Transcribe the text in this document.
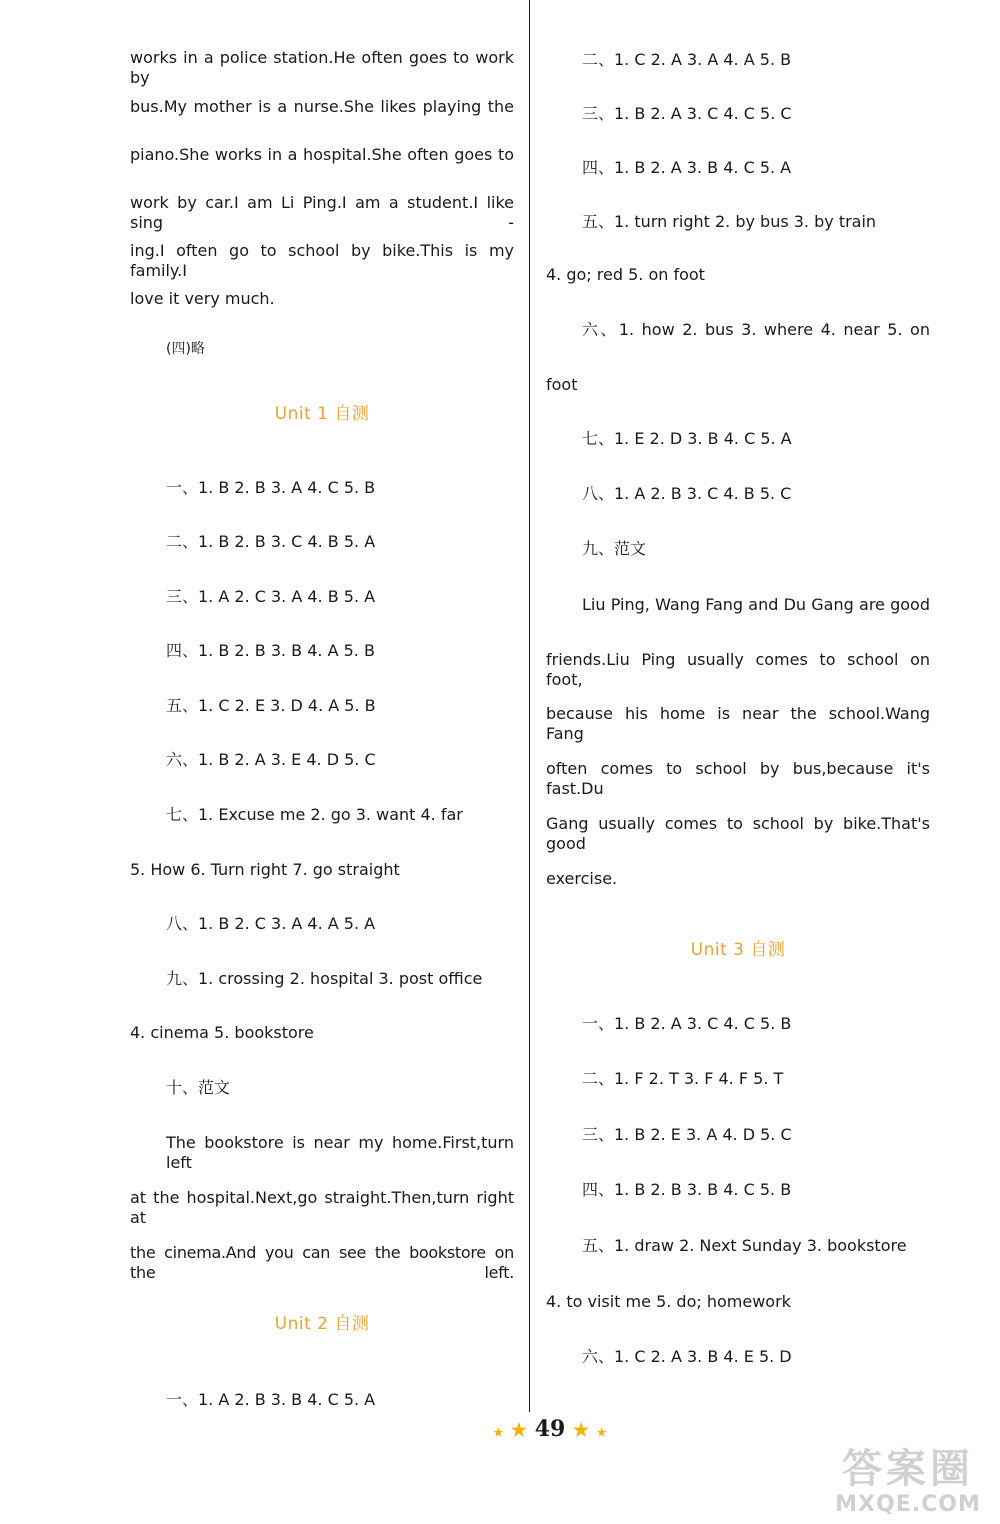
works in a police station.He often goes to work by
bus.My mother is a nurse.She likes playing the
piano.She works in a hospital.She often goes to
work by car.I am Li Ping.I am a student.I like sing -
ing.I often go to school by bike.This is my family.I
love it very much.
(四)略
Unit 1 自测
一、1. B 2. B 3. A 4. C 5. B
二、1. B 2. B 3. C 4. B 5. A
三、1. A 2. C 3. A 4. B 5. A
四、1. B 2. B 3. B 4. A 5. B
五、1. C 2. E 3. D 4. A 5. B
六、1. B 2. A 3. E 4. D 5. C
七、1. Excuse me 2. go 3. want 4. far
5. How 6. Turn right 7. go straight
八、1. B 2. C 3. A 4. A 5. A
九、1. crossing 2. hospital 3. post office
4. cinema 5. bookstore
十、范文
The bookstore is near my home.First,turn left
at the hospital.Next,go straight.Then,turn right at
the cinema.And you can see the bookstore on the left.
Unit 2 自测
一、1. A 2. B 3. B 4. C 5. A
二、1. C 2. A 3. A 4. A 5. B
三、1. B 2. A 3. C 4. C 5. C
四、1. B 2. A 3. B 4. C 5. A
五、1. turn right 2. by bus 3. by train
4. go; red 5. on foot
六、1. how 2. bus 3. where 4. near 5. on
foot
七、1. E 2. D 3. B 4. C 5. A
八、1. A 2. B 3. C 4. B 5. C
九、范文
Liu Ping, Wang Fang and Du Gang are good
friends.Liu Ping usually comes to school on foot,
because his home is near the school.Wang Fang
often comes to school by bus,because it's fast.Du
Gang usually comes to school by bike.That's good
exercise.
Unit 3 自测
一、1. B 2. A 3. C 4. C 5. B
二、1. F 2. T 3. F 4. F 5. T
三、1. B 2. E 3. A 4. D 5. C
四、1. B 2. B 3. B 4. C 5. B
五、1. draw 2. Next Sunday 3. bookstore
4. to visit me 5. do; homework
六、1. C 2. A 3. B 4. E 5. D
★ ★ 49 ★ ★
答案圈
MXQE.COM
